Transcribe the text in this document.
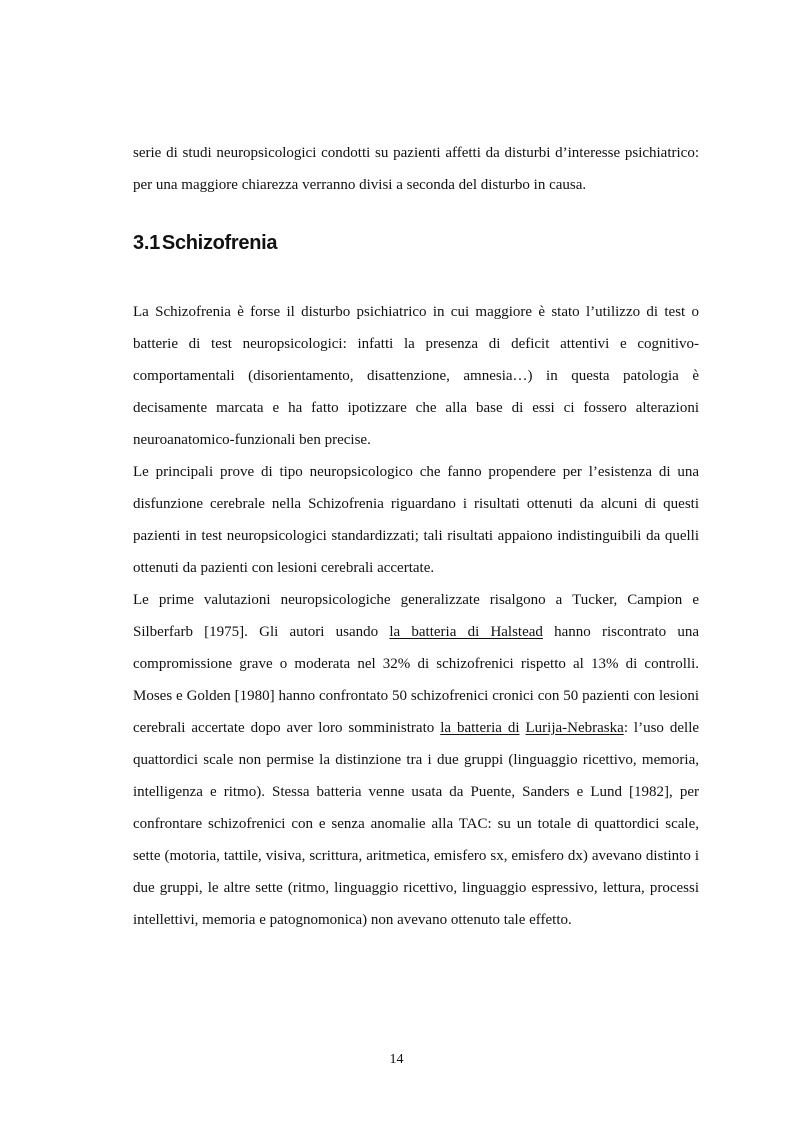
serie di studi neuropsicologici condotti su pazienti affetti da disturbi d’interesse psichiatrico: per una maggiore chiarezza verranno divisi a seconda del disturbo in causa.
3.1 Schizofrenia

La Schizofrenia è forse il disturbo psichiatrico in cui maggiore è stato l’utilizzo di test o batterie di test neuropsicologici: infatti la presenza di deficit attentivi e cognitivo-comportamentali (disorientamento, disattenzione, amnesia…) in questa patologia è decisamente marcata e ha fatto ipotizzare che alla base di essi ci fossero alterazioni neuroanatomico-funzionali ben precise.

Le principali prove di tipo neuropsicologico che fanno propendere per l’esistenza di una disfunzione cerebrale nella Schizofrenia riguardano i risultati ottenuti da alcuni di questi pazienti in test neuropsicologici standardizzati; tali risultati appaiono indistinguibili da quelli ottenuti da pazienti con lesioni cerebrali accertate.

Le prime valutazioni neuropsicologiche generalizzate risalgono a Tucker, Campion e Silberfarb [1975]. Gli autori usando la batteria di Halstead hanno riscontrato una compromissione grave o moderata nel 32% di schizofrenici rispetto al 13% di controlli. Moses e Golden [1980] hanno confrontato 50 schizofrenici cronici con 50 pazienti con lesioni cerebrali accertate dopo aver loro somministrato la batteria di Lurija-Nebraska: l’uso delle quattordici scale non permise la distinzione tra i due gruppi (linguaggio ricettivo, memoria, intelligenza e ritmo). Stessa batteria venne usata da Puente, Sanders e Lund [1982], per confrontare schizofrenici con e senza anomalie alla TAC: su un totale di quattordici scale, sette (motoria, tattile, visiva, scrittura, aritmetica, emisfero sx, emisfero dx) avevano distinto i due gruppi, le altre sette (ritmo, linguaggio ricettivo, linguaggio espressivo, lettura, processi intellettivi, memoria e patognomonica) non avevano ottenuto tale effetto.

14
